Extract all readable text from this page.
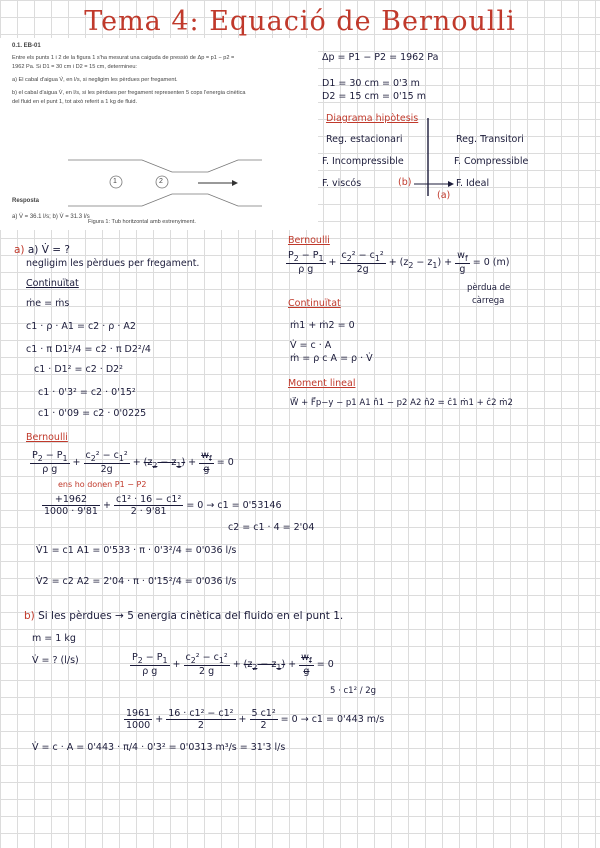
Tema 4: Equació de Bernoulli
0.1. EB-01
Entre els punts 1 i 2 de la figura 1 s'ha mesurat una caiguda de pressió de Δp = p1 − p2 =
1962 Pa. Si D1 = 30 cm i D2 = 15 cm, determineu:
a) El cabal d'aigua V̇, en l/s, si negligim les pèrdues per fregament.
b) el cabal d'aigua V̇, en l/s, si les pèrdues per fregament representen 5 cops l'energia cinètica
del fluid en el punt 1, tot això referit a 1 kg de fluid.
1	2
Figura 1: Tub horitzontal amb estrenyiment.
Resposta
a) V̇ = 36.1 l/s; b) V̇ = 31.3 l/s
Δp = P1 − P2 = 1962 Pa
D1 = 30 cm = 0'3 m
D2 = 15 cm = 0'15 m
Diagrama hipòtesis
Reg. estacionari
F. Incompressible
F. viscós
Reg. Transitori
F. Compressible
F. Ideal
(b)
(a)
Bernoulli
$\frac{P_2 - P_1}{\text{ρ g}} + \frac{c_2^2 - c_1^2}{2g} + (z_2 - z_1) + \frac{w_f}{g} = 0$ (m)
pèrdua de
càrrega
Continuïtat
ṁ1 + ṁ2 = 0
V̇ = c · A
ṁ = ρ c A = ρ · V̇
Moment lineal
W⃗ + F⃗p−y − p1 A1 n̂1 − p2 A2 n̂2 = ĉ1 ṁ1 + ĉ2 ṁ2
a) a) V̇ = ?
negligim les pèrdues per fregament.
Continuïtat
ṁe = ṁs
c1 · ρ · A1 = c2 · ρ · A2
c1 · π D1²/4 = c2 · π D2²/4
c1 · D1² = c2 · D2²
c1 · 0'3² = c2 · 0'15²
c1 · 0'09 = c2 · 0'0225
Bernoulli
$\frac{P_2 - P_1}{\text{ρ g}} + \frac{c_2^2 - c_1^2}{2g} + (z_2 - z_1) + \frac{w_f}{g} = 0$
ens ho donen P1 − P2
$\frac{+1962}{1000 \cdot 9'81} + \frac{\text{c1² · 16 − c1²}}{2 \cdot 9'81} = 0 \to c1 = 0'53146$
c2 = c1 · 4 = 2'04
V̇1 = c1 A1 = 0'533 · π · 0'3²/4 = 0'036 l/s
V̇2 = c2 A2 = 2'04 · π · 0'15²/4 = 0'036 l/s
b) Si les pèrdues → 5 energia cinètica del fluido en el punt 1.
m = 1 kg
V̇ = ? (l/s)	$\frac{P_2 - P_1}{\text{ρ g}} + \frac{c_2^2 - c_1^2}{2 g} + (z_2 - z_1) + \frac{w_f}{g} = 0$
5 · c1² / 2g
$\frac{1961}{1000} + \frac{\text{16 · c1² − c1²}}{2} + \frac{\text{5 c1²}}{2} = 0 \to c1 = 0'443$ m/s
V̇ = c · A = 0'443 · π/4 · 0'3² = 0'0313 m³/s = 31'3 l/s
